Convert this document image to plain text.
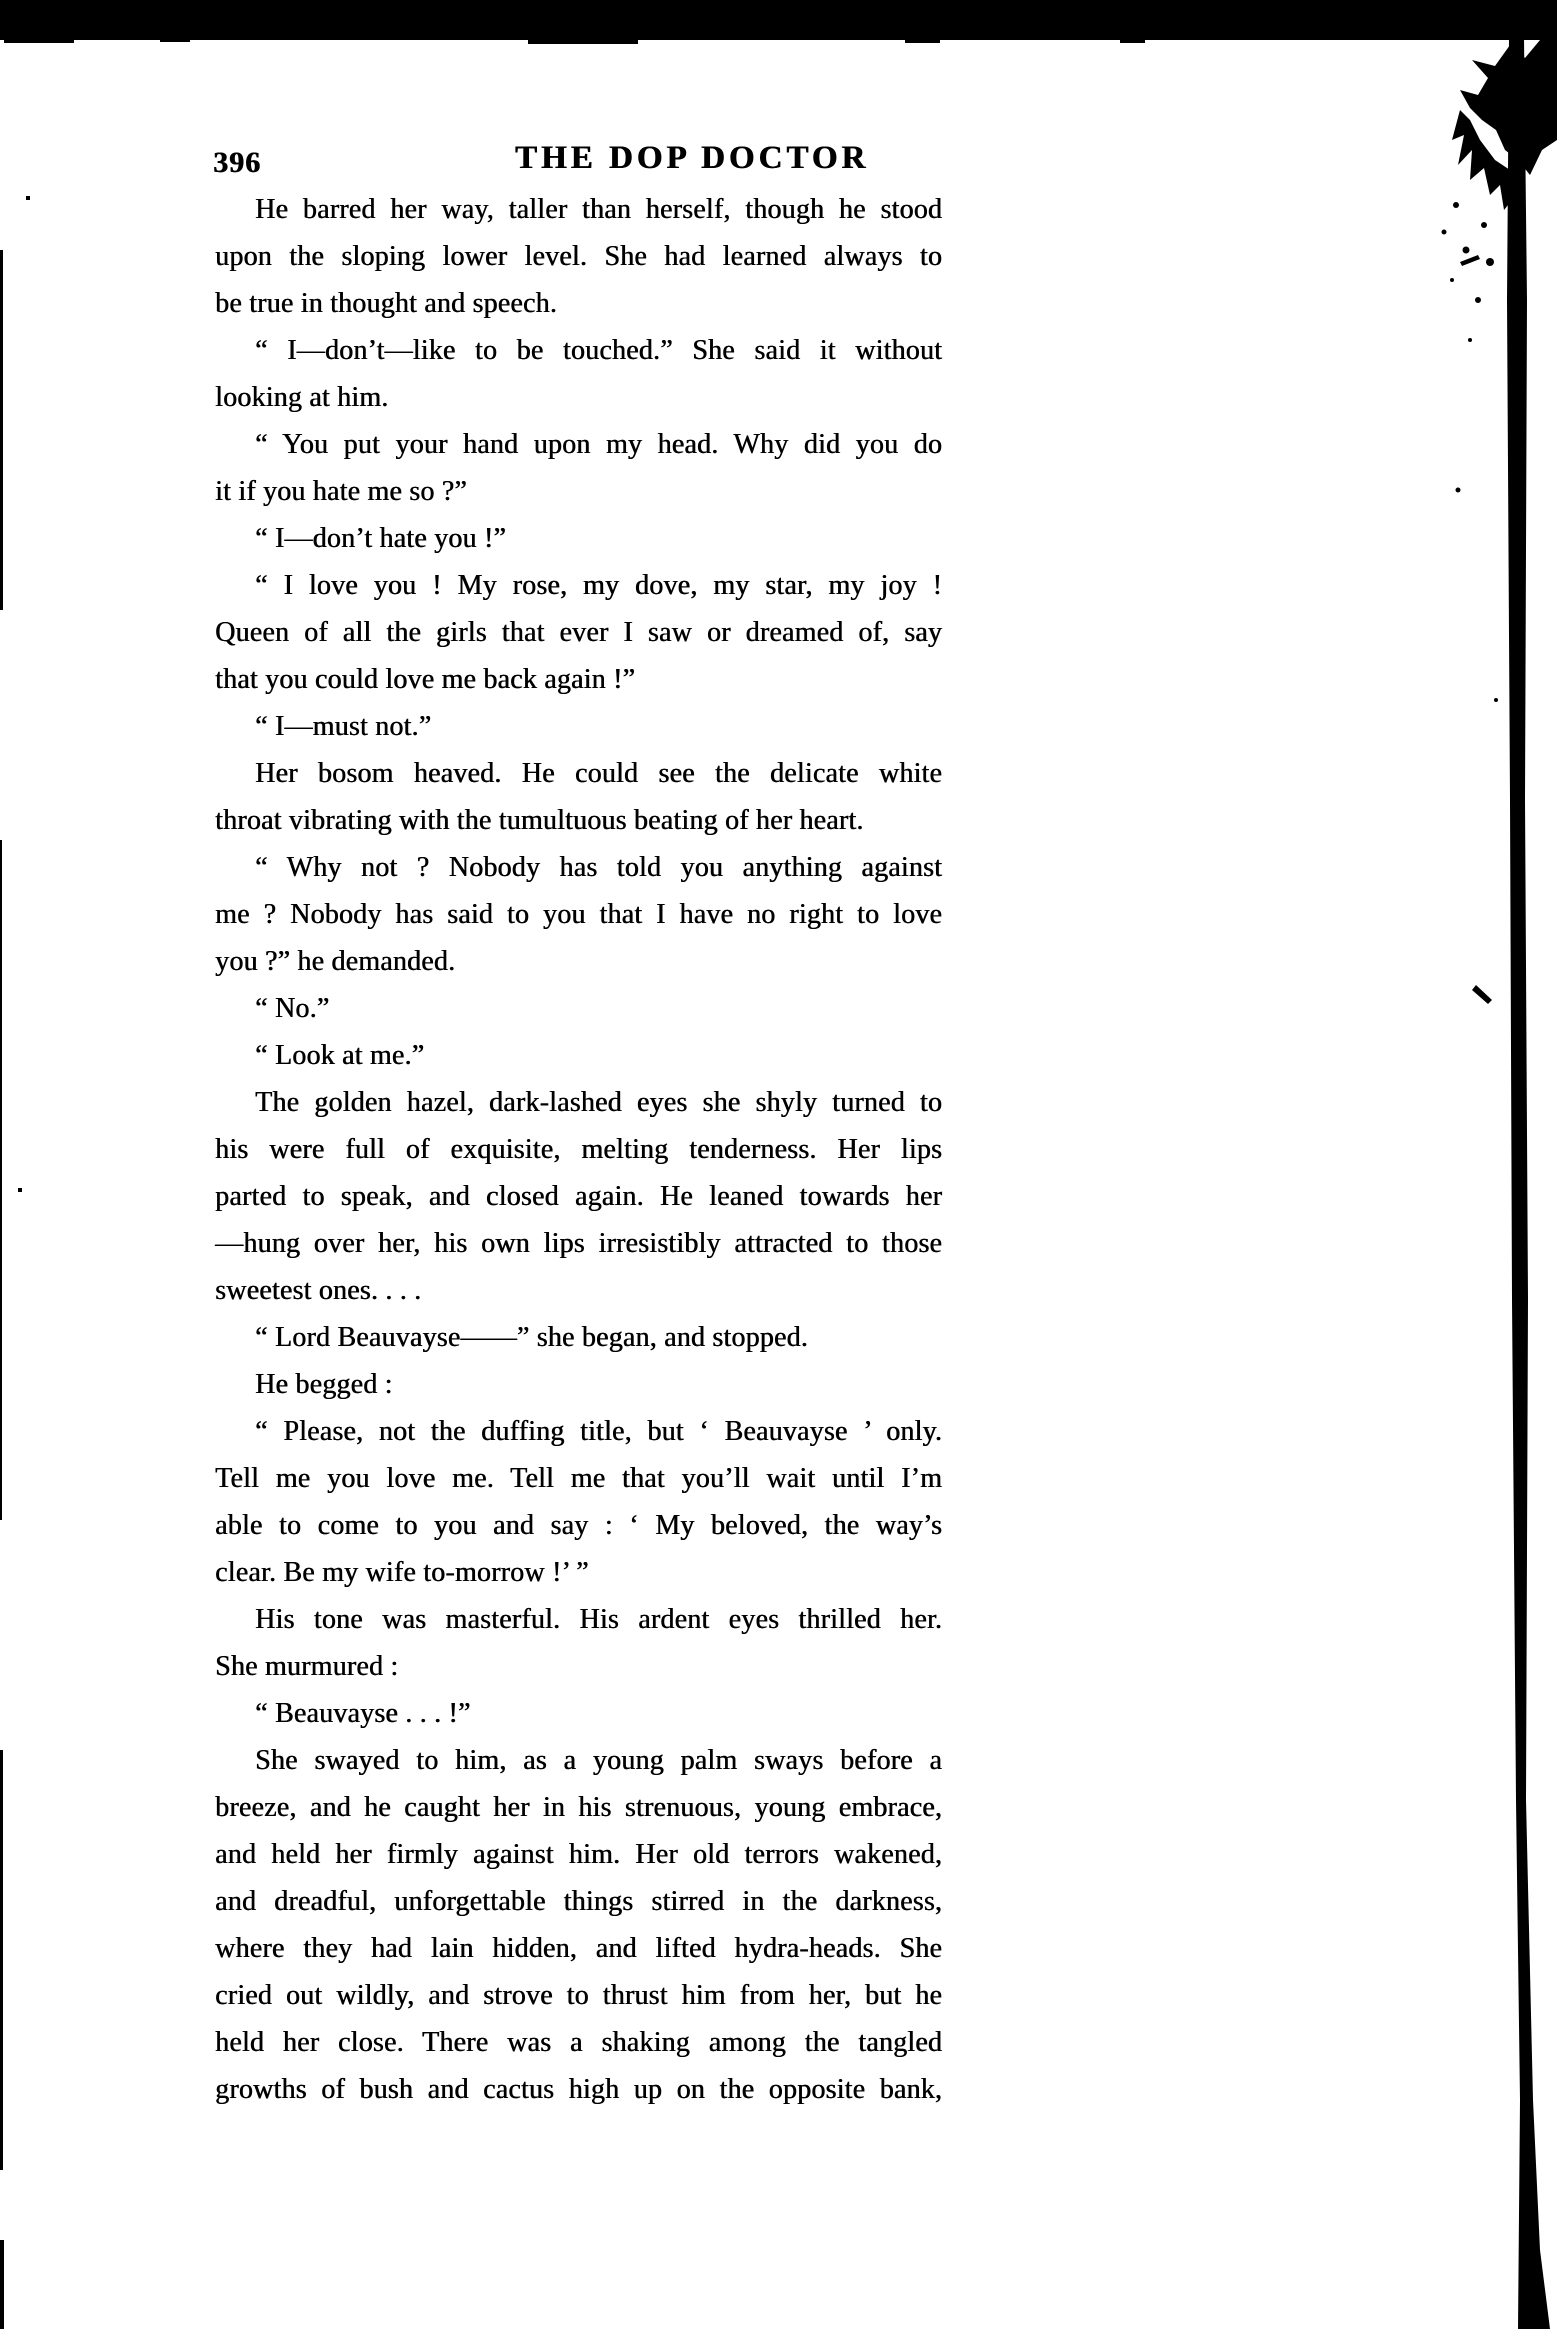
396	THE DOP DOCTOR
He barred her way, taller than herself, though he stood
upon the sloping lower level. She had learned always to
be true in thought and speech.
“ I—don’t—like to be touched.” She said it without
looking at him.
“ You put your hand upon my head. Why did you do
it if you hate me so ?”
“ I—don’t hate you !”
“ I love you ! My rose, my dove, my star, my joy !
Queen of all the girls that ever I saw or dreamed of, say
that you could love me back again !”
“ I—must not.”
Her bosom heaved. He could see the delicate white
throat vibrating with the tumultuous beating of her heart.
“ Why not ? Nobody has told you anything against
me ? Nobody has said to you that I have no right to love
you ?” he demanded.
“ No.”
“ Look at me.”
The golden hazel, dark-lashed eyes she shyly turned to
his were full of exquisite, melting tenderness. Her lips
parted to speak, and closed again. He leaned towards her
—hung over her, his own lips irresistibly attracted to those
sweetest ones. . . .
“ Lord Beauvayse——” she began, and stopped.
He begged :
“ Please, not the duffing title, but ‘ Beauvayse ’ only.
Tell me you love me. Tell me that you’ll wait until I’m
able to come to you and say : ‘ My beloved, the way’s
clear. Be my wife to-morrow !’ ”
His tone was masterful. His ardent eyes thrilled her.
She murmured :
“ Beauvayse . . . !”
She swayed to him, as a young palm sways before a
breeze, and he caught her in his strenuous, young embrace,
and held her firmly against him. Her old terrors wakened,
and dreadful, unforgettable things stirred in the darkness,
where they had lain hidden, and lifted hydra-heads. She
cried out wildly, and strove to thrust him from her, but he
held her close. There was a shaking among the tangled
growths of bush and cactus high up on the opposite bank,
